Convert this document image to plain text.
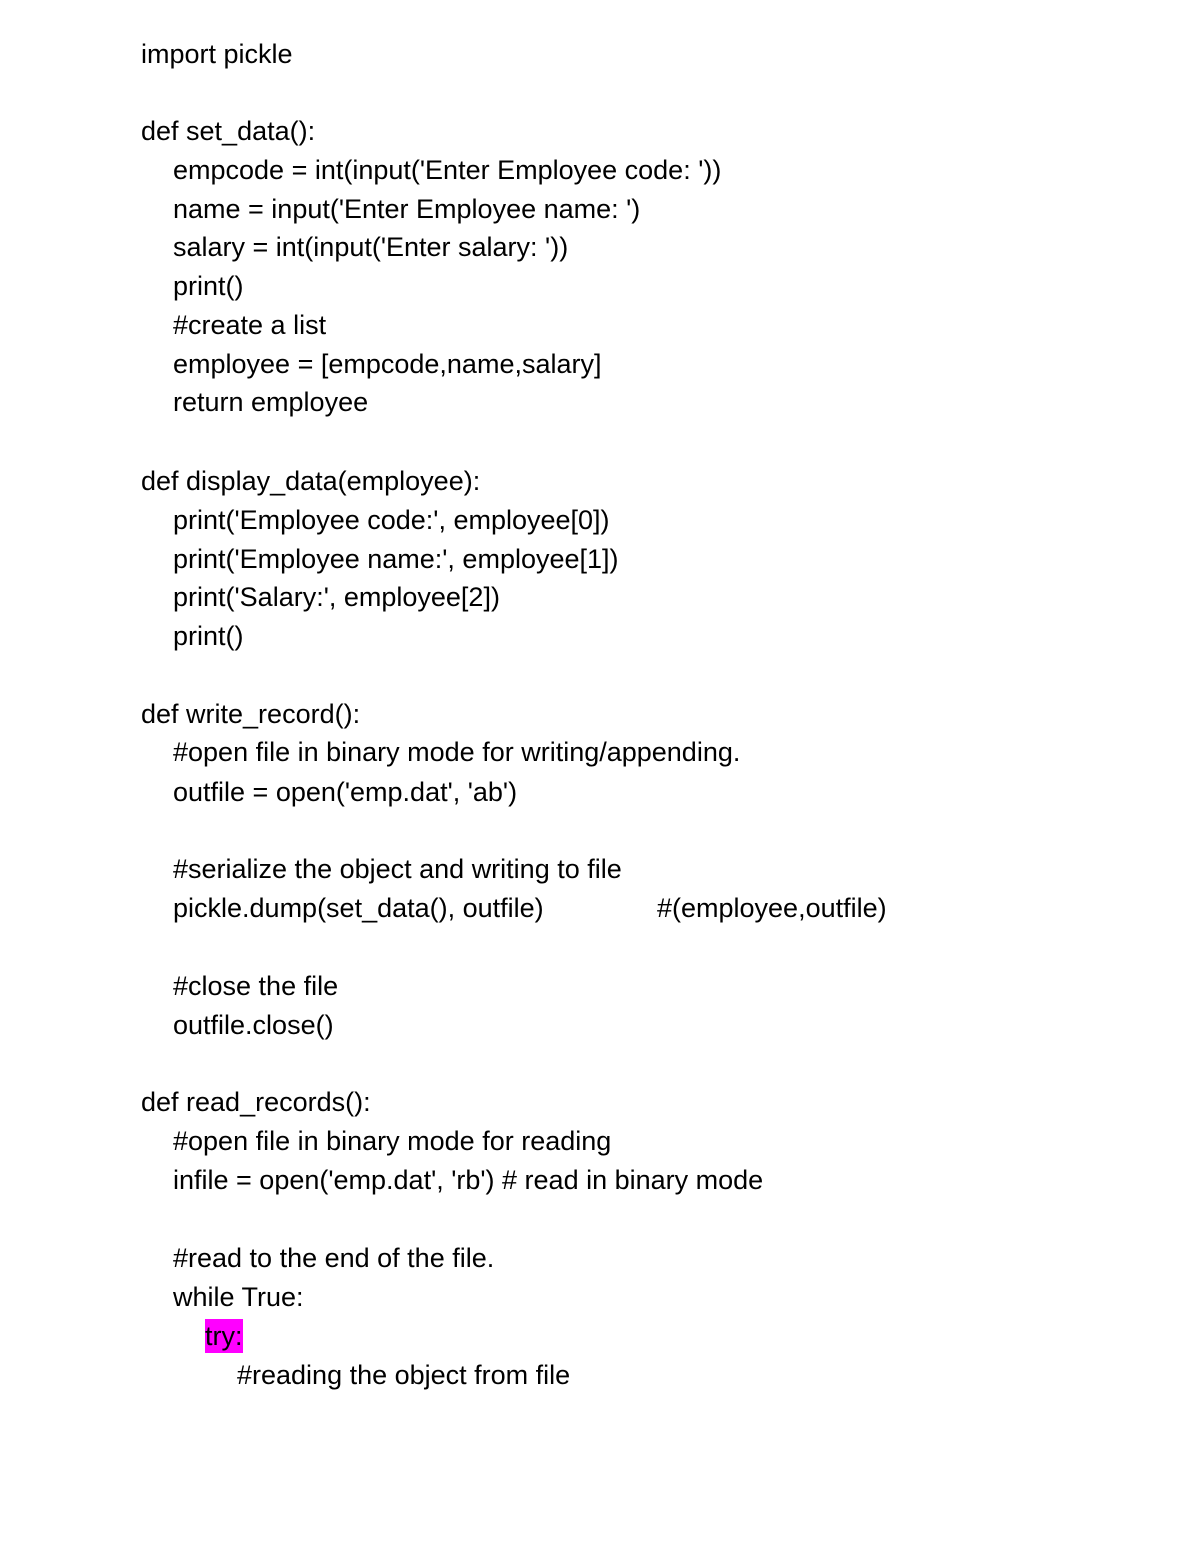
import pickle
def set_data():
empcode = int(input('Enter Employee code: '))
name = input('Enter Employee name: ')
salary = int(input('Enter salary: '))
print()
#create a list
employee = [empcode,name,salary]
return employee
def display_data(employee):
print('Employee code:', employee[0])
print('Employee name:', employee[1])
print('Salary:', employee[2])
print()
def write_record():
#open file in binary mode for writing/appending.
outfile = open('emp.dat', 'ab')
#serialize the object and writing to file
pickle.dump(set_data(), outfile)	#(employee,outfile)
#close the file
outfile.close()
def read_records():
#open file in binary mode for reading
infile = open('emp.dat', 'rb') # read in binary mode
#read to the end of the file.
while True:
try:
#reading the object from file
